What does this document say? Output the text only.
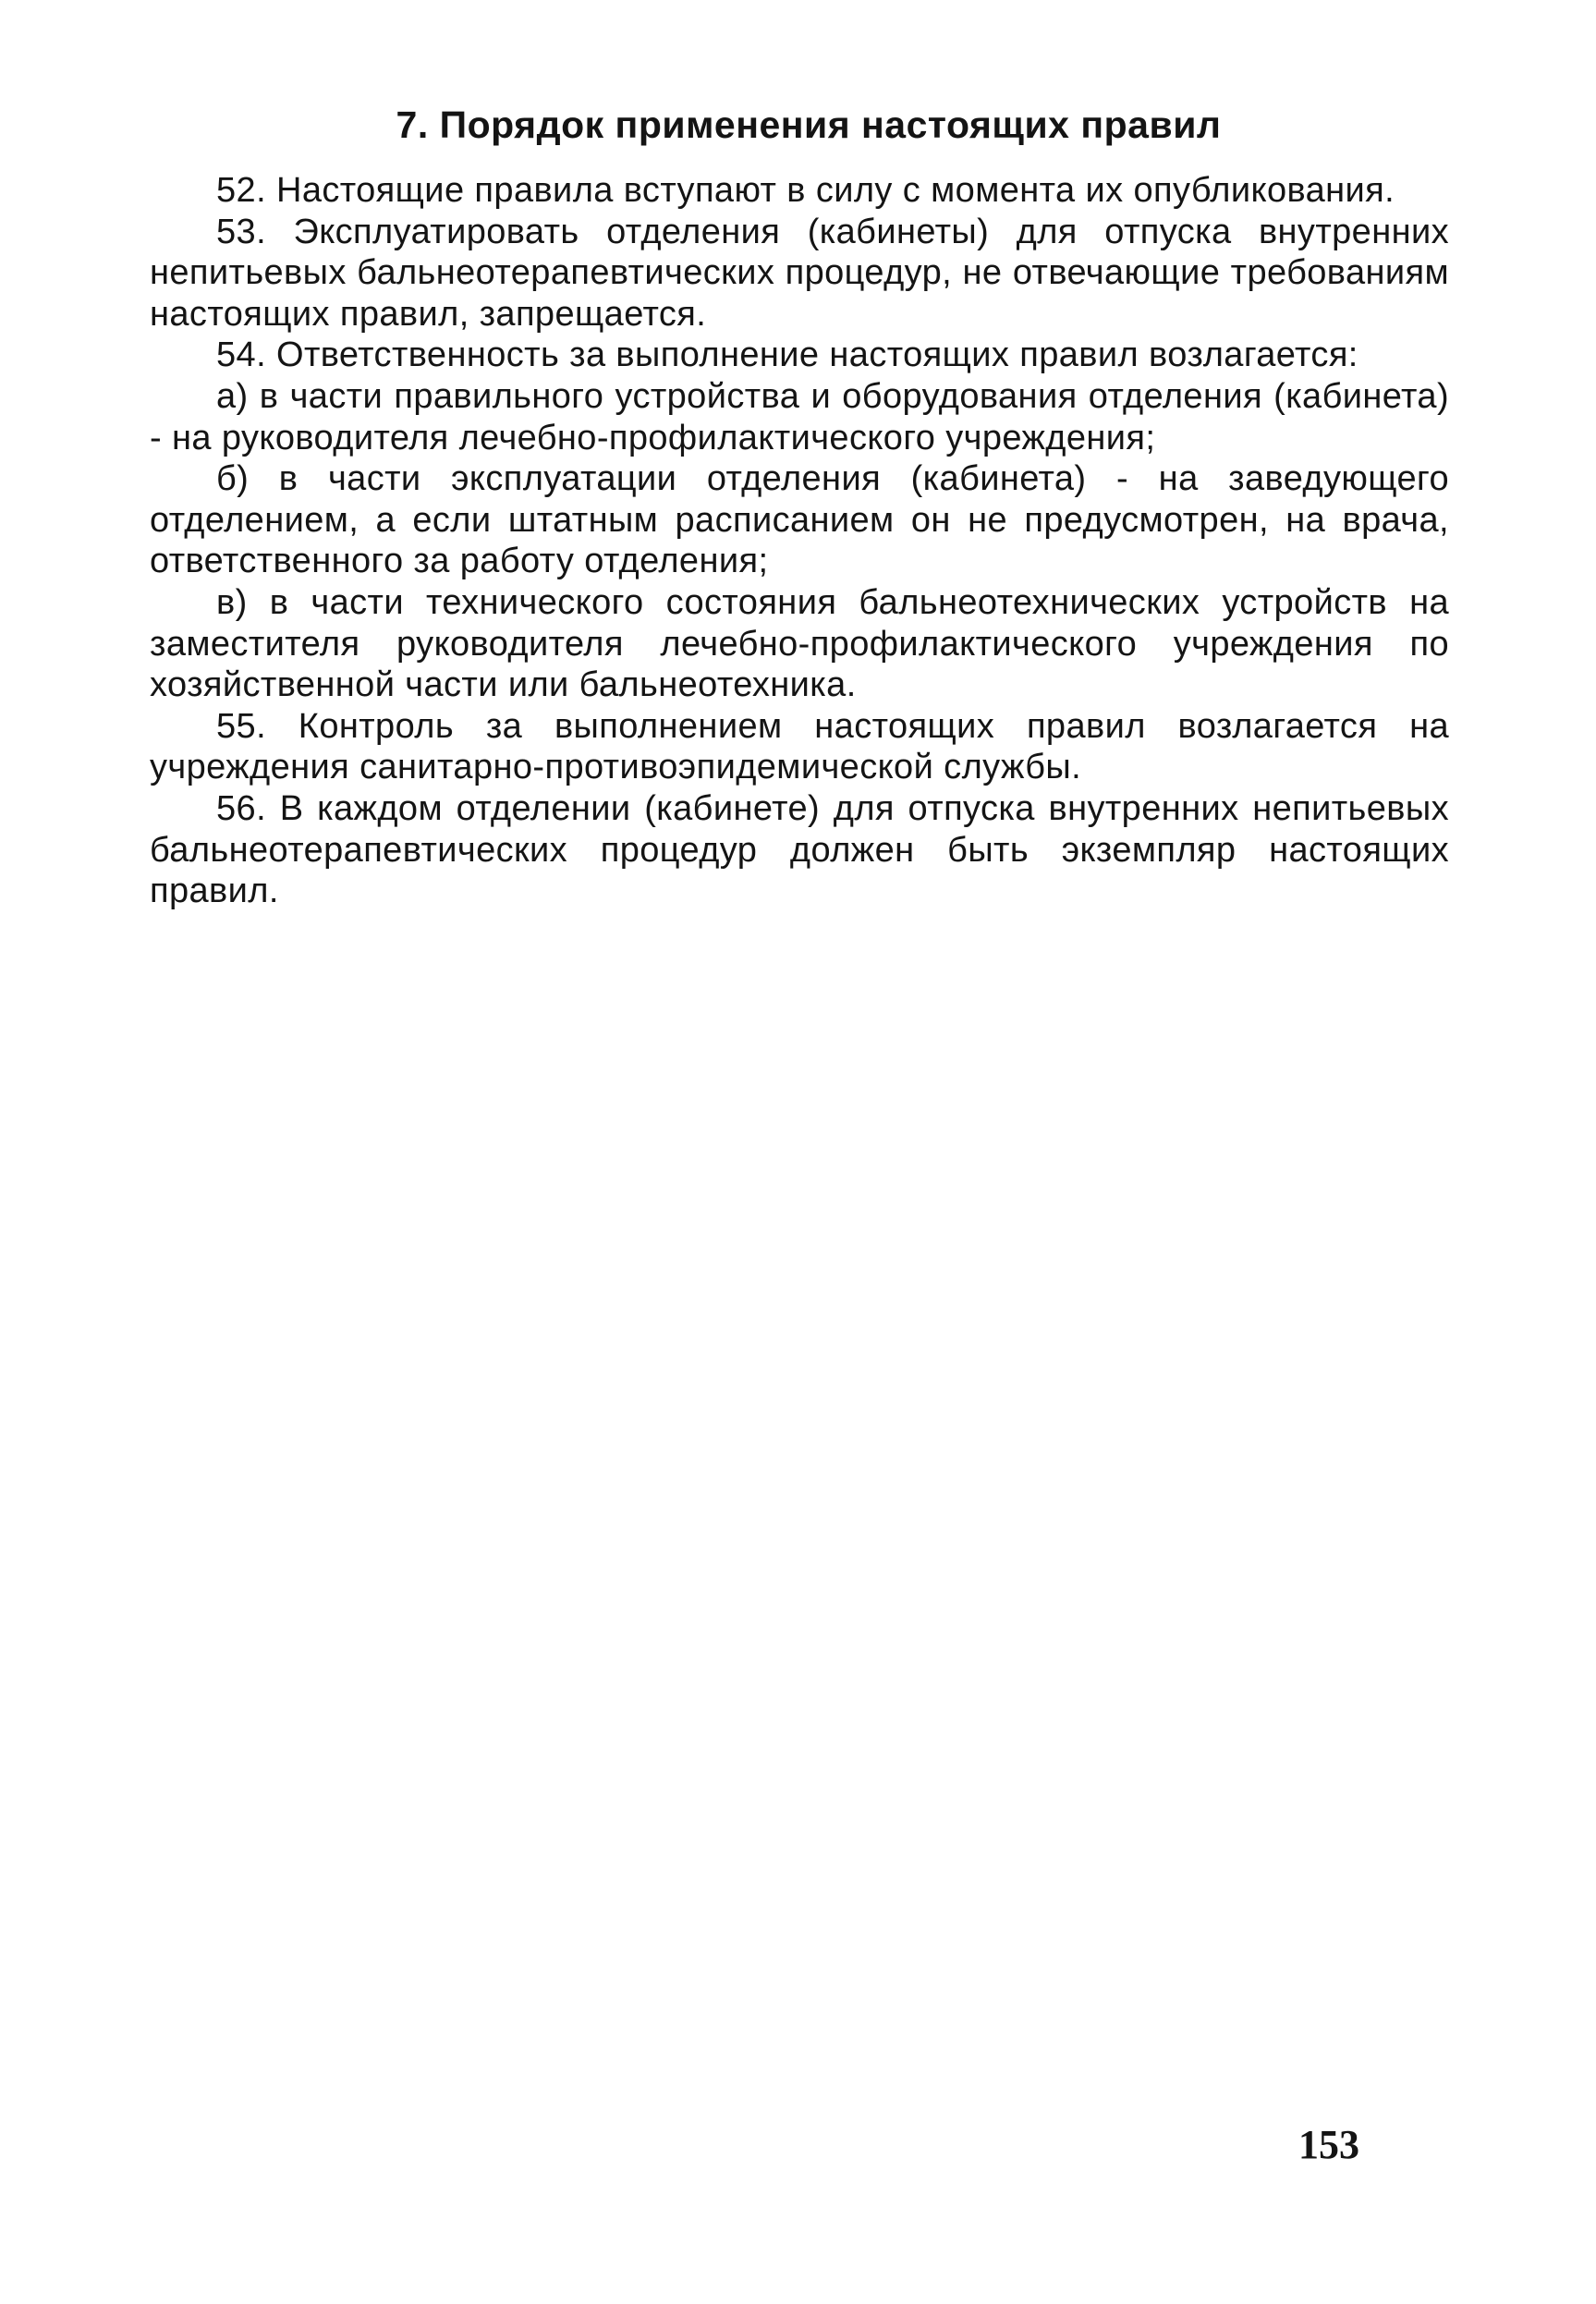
7. Порядок применения настоящих правил

52. Настоящие правила вступают в силу с момента их опубликования.

53. Эксплуатировать отделения (кабинеты) для отпуска внутренних непитьевых бальнеотерапевтических процедур, не отвечающие требованиям настоящих правил, запрещается.

54. Ответственность за выполнение настоящих правил возлагается:

а) в части правильного устройства и оборудования отделения (кабинета) - на руководителя лечебно-профилактического учреждения;

б) в части эксплуатации отделения (кабинета) - на заведующего отделением, а если штатным расписанием он не предусмотрен, на врача, ответственного за работу отделения;

в) в части технического состояния бальнеотехнических устройств на заместителя руководителя лечебно-профилактического учреждения по хозяйственной части или бальнеотехника.

55. Контроль за выполнением настоящих правил возлагается на учреждения санитарно-противоэпидемической службы.

56. В каждом отделении (кабинете) для отпуска внутренних непитьевых бальнеотерапевтических процедур должен быть экземпляр настоящих правил.

153
